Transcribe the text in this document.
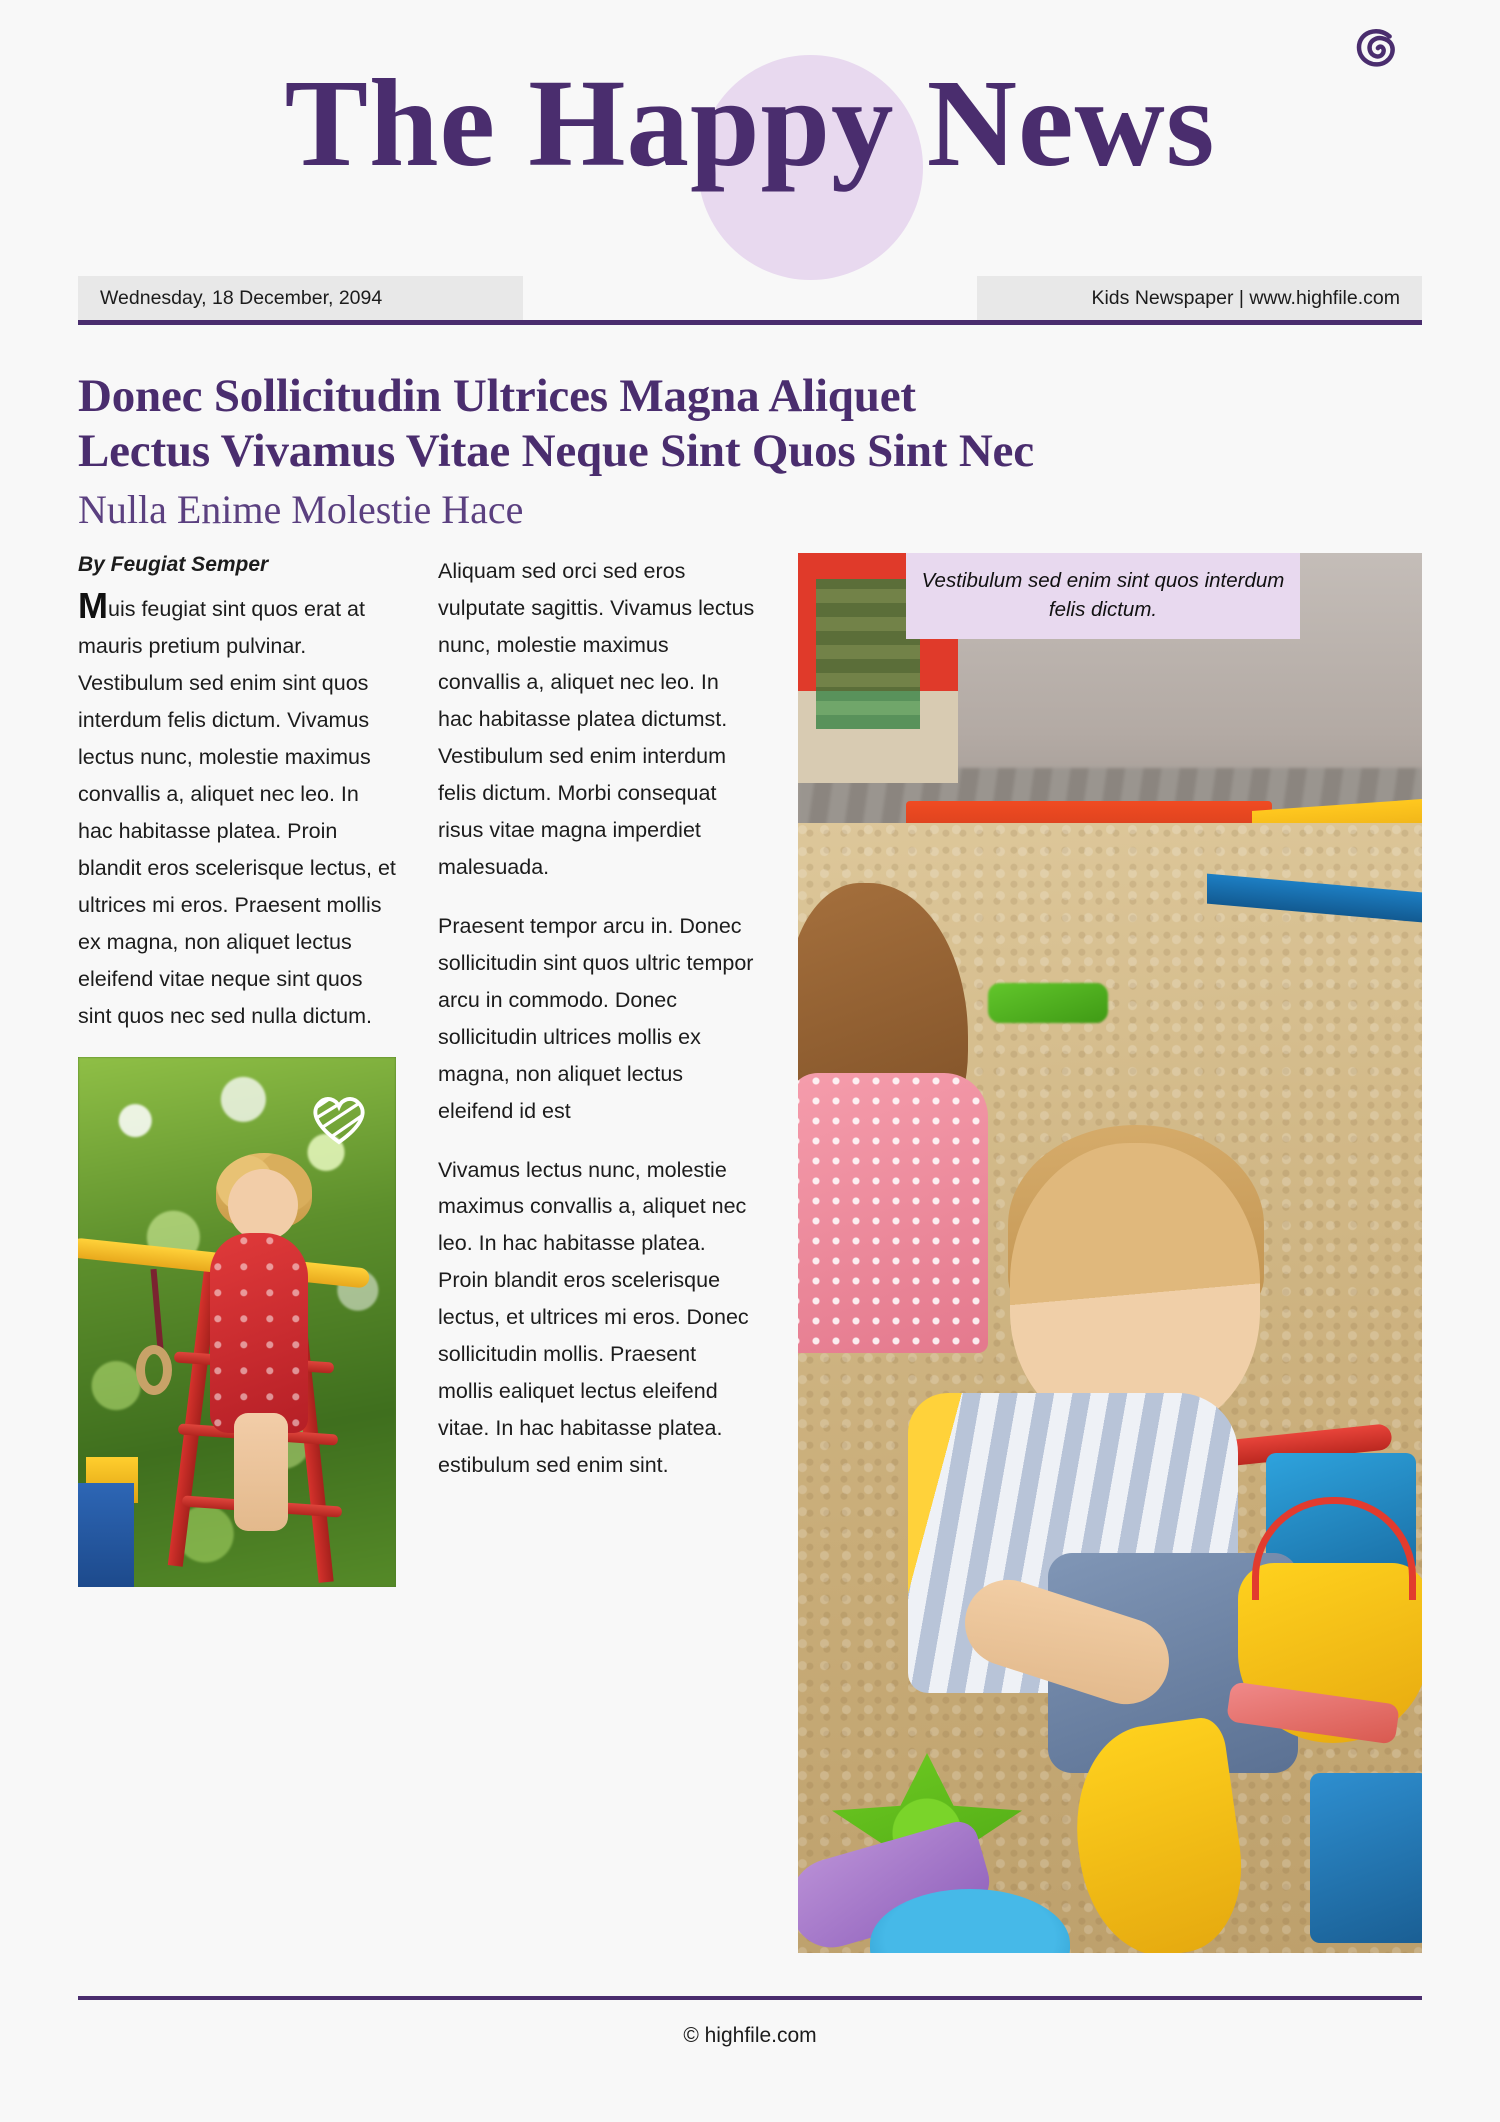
The Happy News
Wednesday, 18 December, 2094	Kids Newspaper | www.highfile.com
Donec Sollicitudin Ultrices Magna Aliquet
Lectus Vivamus Vitae Neque Sint Quos Sint Nec
Nulla Enime Molestie Hace
By Feugiat Semper
Muis feugiat sint quos erat at mauris pretium pulvinar. Vestibulum sed enim sint quos interdum felis dictum. Vivamus lectus nunc, molestie maximus convallis a, aliquet nec leo. In hac habitasse platea. Proin blandit eros scelerisque lectus, et ultrices mi eros. Praesent mollis ex magna, non aliquet lectus eleifend vitae neque sint quos sint quos nec sed nulla dictum.
Aliquam sed orci sed eros vulputate sagittis. Vivamus lectus nunc, molestie maximus convallis a, aliquet nec leo. In hac habitasse platea dictumst. Vestibulum sed enim interdum felis dictum. Morbi consequat risus vitae magna imperdiet malesuada.
Praesent tempor arcu in. Donec sollicitudin sint quos ultric tempor arcu in commodo. Donec sollicitudin ultrices mollis ex magna, non aliquet lectus eleifend id est
Vivamus lectus nunc, molestie maximus convallis a, aliquet nec leo. In hac habitasse platea. Proin blandit eros scelerisque lectus, et ultrices mi eros. Donec sollicitudin mollis. Praesent mollis ealiquet lectus eleifend vitae. In hac habitasse platea. estibulum sed enim sint.
Vestibulum sed enim sint quos interdum felis dictum.
© highfile.com
